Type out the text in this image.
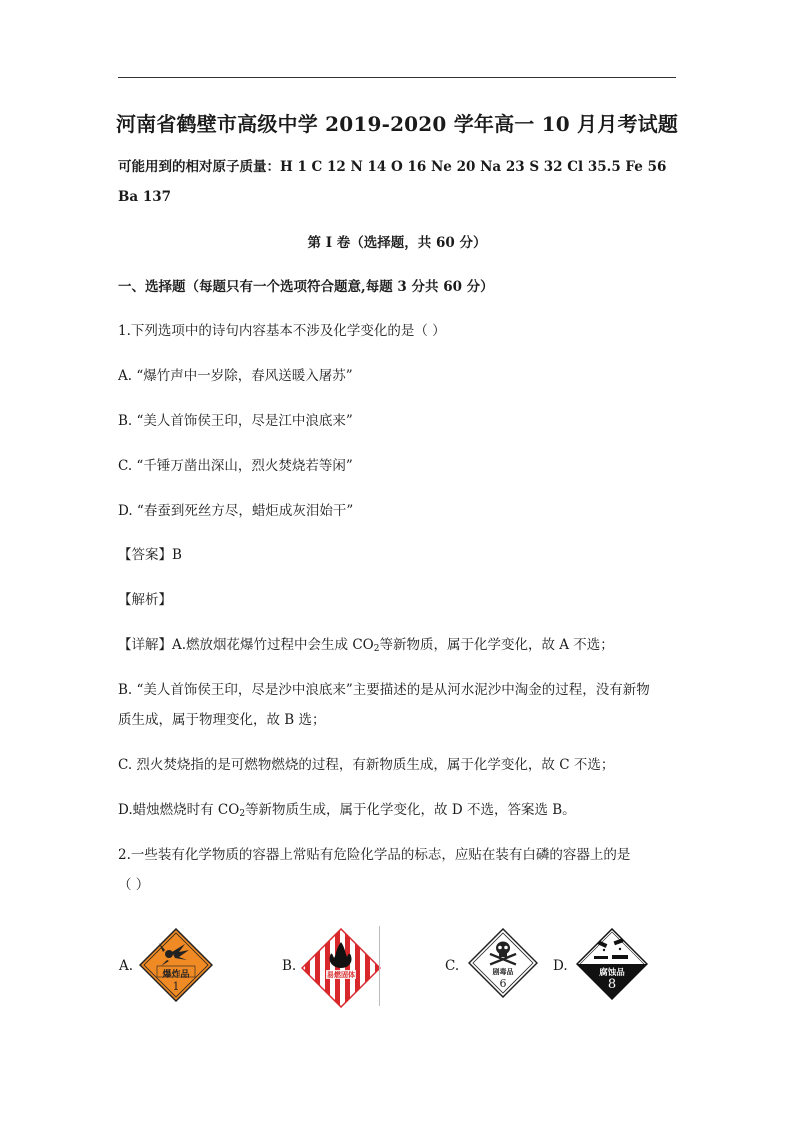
河南省鹤壁市高级中学 2019-2020 学年高一 10 月月考试题
可能用到的相对原子质量：H 1 C 12 N 14 O 16 Ne 20 Na 23 S 32 Cl 35.5 Fe 56
Ba 137
第 I 卷（选择题，共 60 分）
一、选择题（每题只有一个选项符合题意,每题 3 分共 60 分）
1.下列选项中的诗句内容基本不涉及化学变化的是（ ）
A. “爆竹声中一岁除，春风送暖入屠苏”
B. “美人首饰侯王印，尽是江中浪底来”
C. “千锤万凿出深山，烈火焚烧若等闲”
D. “春蚕到死丝方尽，蜡炬成灰泪始干”
【答案】B
【解析】
【详解】A.燃放烟花爆竹过程中会生成 $CO_2$等新物质，属于化学变化，故 A 不选；
B. “美人首饰侯王印，尽是沙中浪底来”主要描述的是从河水泥沙中淘金的过程，没有新物
质生成，属于物理变化，故 B 选；
C. 烈火焚烧指的是可燃物燃烧的过程，有新物质生成，属于化学变化，故 C 不选；
D.蜡烛燃烧时有 $CO_2$等新物质生成，属于化学变化，故 D 不选，答案选 B。
2.一些装有化学物质的容器上常贴有危险化学品的标志，应贴在装有白磷的容器上的是
（ ）
A.	B.	C.	D.
爆炸品
1
易燃固体	剧毒品
6
腐蚀品
8
